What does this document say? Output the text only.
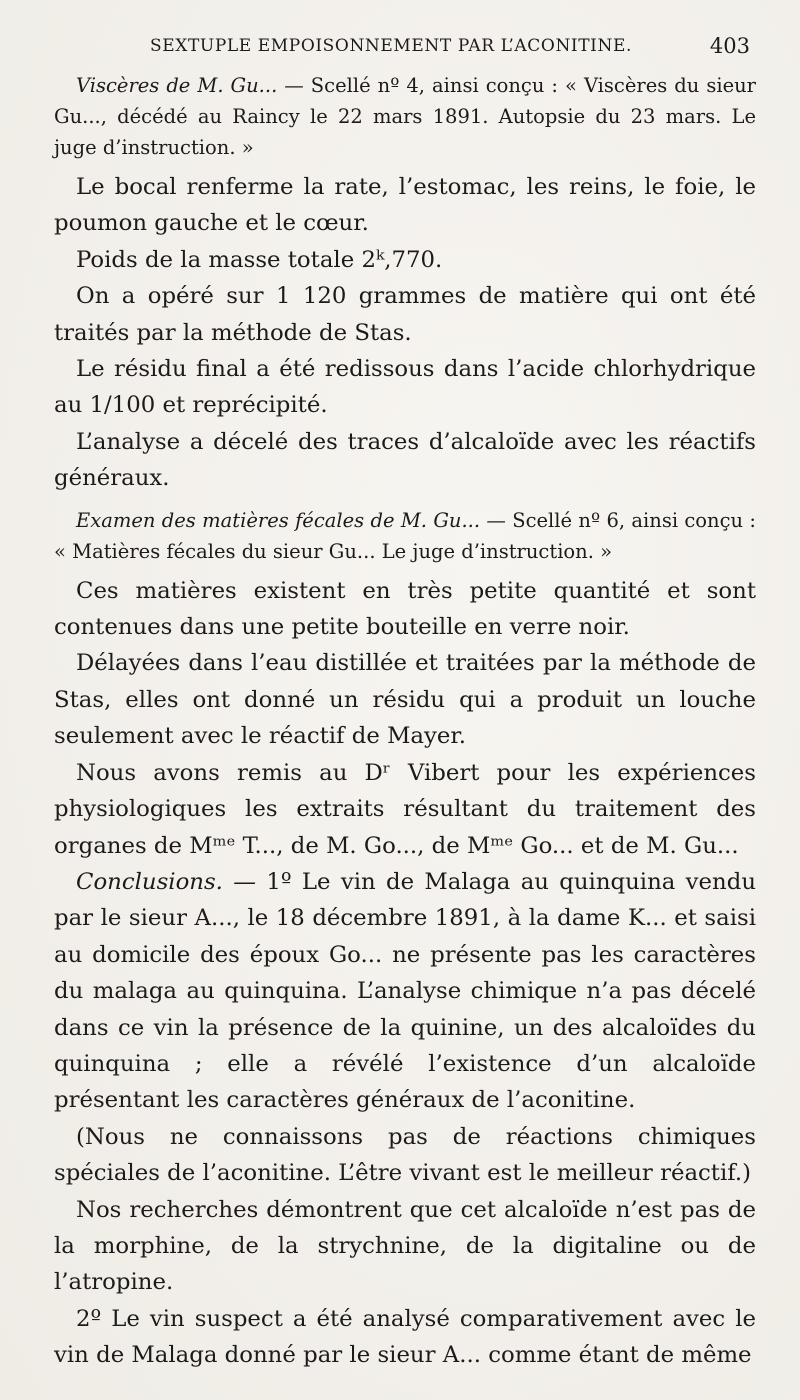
SEXTUPLE EMPOISONNEMENT PAR L’ACONITINE.	403

Viscères de M. Gu... — Scellé nº 4, ainsi conçu : « Viscères du sieur Gu..., décédé au Raincy le 22 mars 1891. Autopsie du 23 mars. Le juge d’instruction. »

Le bocal renferme la rate, l’estomac, les reins, le foie, le poumon gauche et le cœur.

Poids de la masse totale 2ᵏ,770.

On a opéré sur 1 120 grammes de matière qui ont été traités par la méthode de Stas.

Le résidu final a été redissous dans l’acide chlorhydrique au 1/100 et reprécipité.

L’analyse a décelé des traces d’alcaloïde avec les réactifs généraux.

Examen des matières fécales de M. Gu... — Scellé nº 6, ainsi conçu : « Matières fécales du sieur Gu... Le juge d’instruction. »

Ces matières existent en très petite quantité et sont contenues dans une petite bouteille en verre noir.

Délayées dans l’eau distillée et traitées par la méthode de Stas, elles ont donné un résidu qui a produit un louche seulement avec le réactif de Mayer.

Nous avons remis au Dʳ Vibert pour les expériences physiologiques les extraits résultant du traitement des organes de Mᵐᵉ T..., de M. Go..., de Mᵐᵉ Go... et de M. Gu...

Conclusions. — 1º Le vin de Malaga au quinquina vendu par le sieur A..., le 18 décembre 1891, à la dame K... et saisi au domicile des époux Go... ne présente pas les caractères du malaga au quinquina. L’analyse chimique n’a pas décelé dans ce vin la présence de la quinine, un des alcaloïdes du quinquina ; elle a révélé l’existence d’un alcaloïde présentant les caractères généraux de l’aconitine.

(Nous ne connaissons pas de réactions chimiques spéciales de l’aconitine. L’être vivant est le meilleur réactif.)

Nos recherches démontrent que cet alcaloïde n’est pas de la morphine, de la strychnine, de la digitaline ou de l’atropine.

2º Le vin suspect a été analysé comparativement avec le vin de Malaga donné par le sieur A... comme étant de même
